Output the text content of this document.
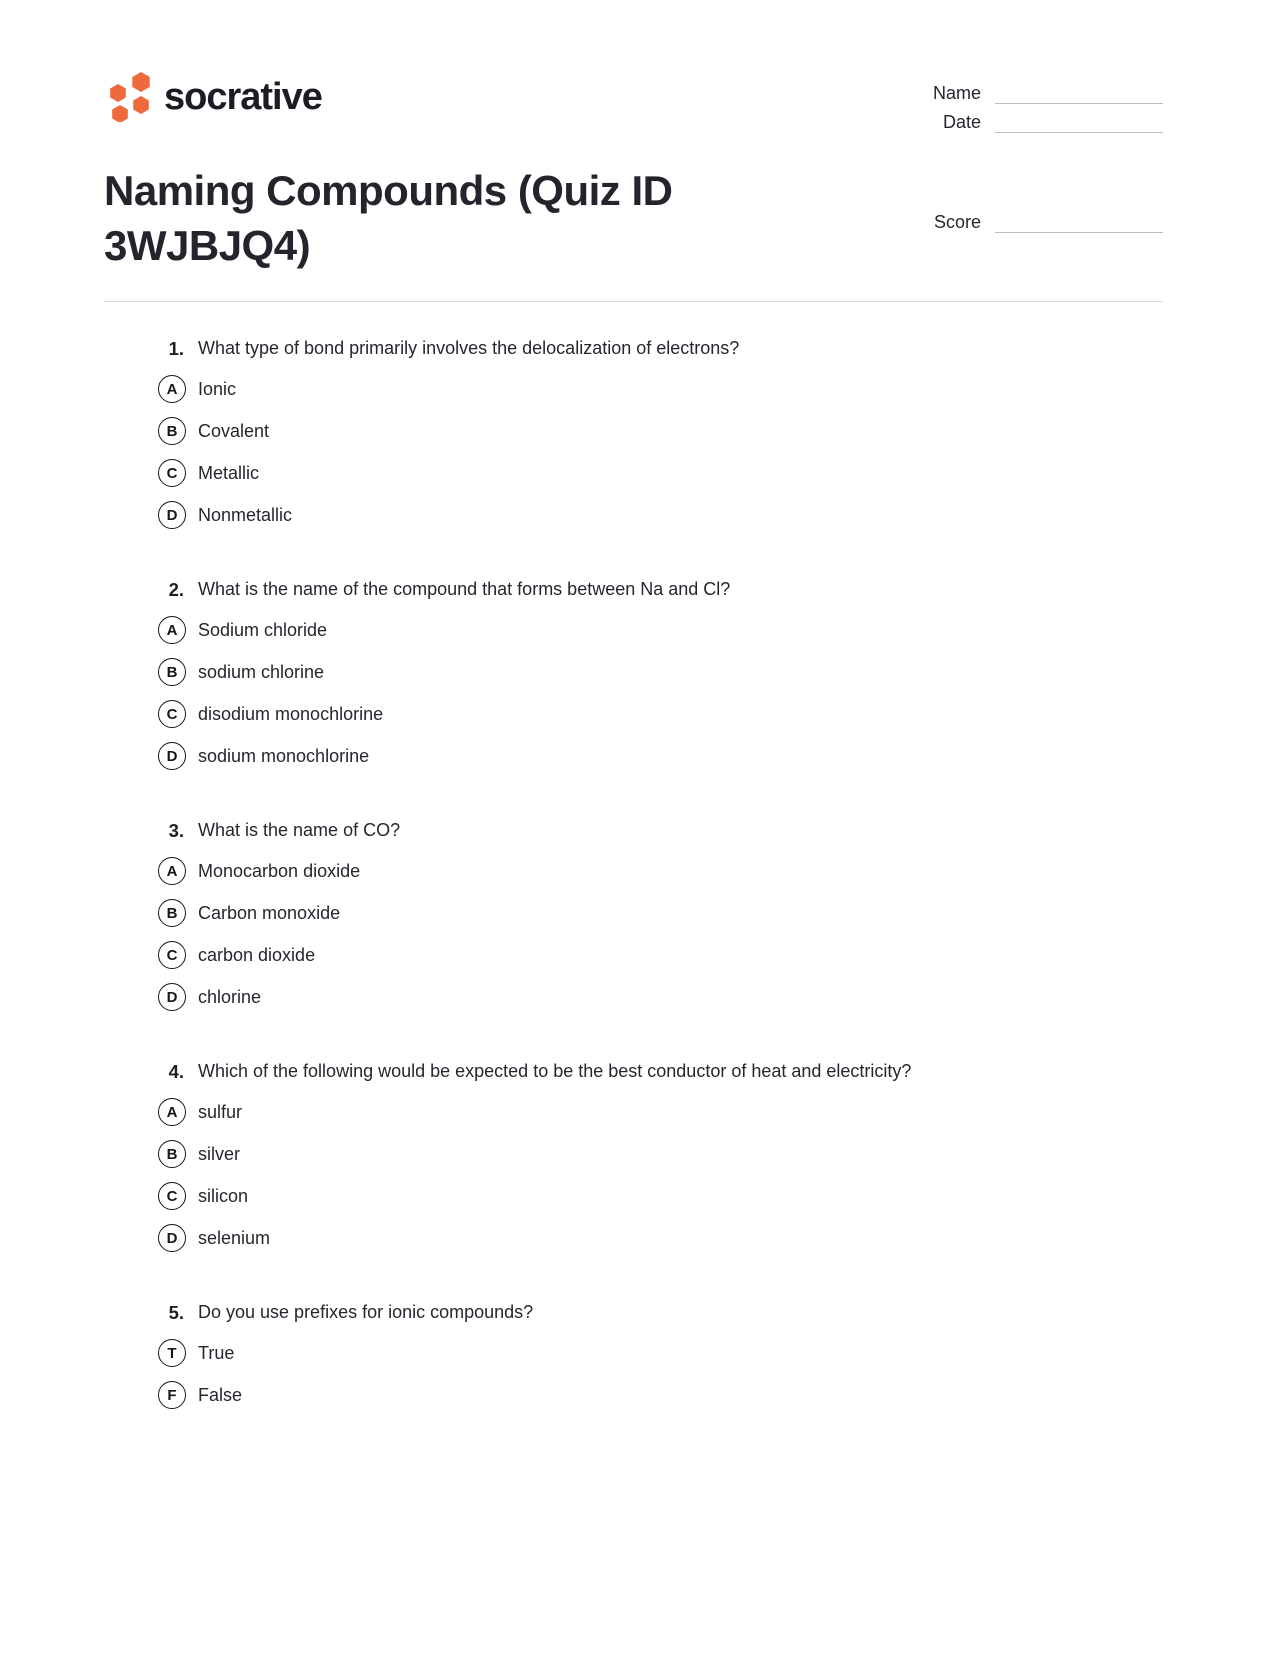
socrative	Name
Date
Naming Compounds (Quiz ID 3WJBJQ4)	Score
1. What type of bond primarily involves the delocalization of electrons?
A	Ionic
B	Covalent
C	Metallic
D	Nonmetallic
2. What is the name of the compound that forms between Na and Cl?
A	Sodium chloride
B	sodium chlorine
C	disodium monochlorine
D	sodium monochlorine
3. What is the name of CO?
A	Monocarbon dioxide
B	Carbon monoxide
C	carbon dioxide
D	chlorine
4. Which of the following would be expected to be the best conductor of heat and electricity?
A	sulfur
B	silver
C	silicon
D	selenium
5. Do you use prefixes for ionic compounds?
T	True
F	False
